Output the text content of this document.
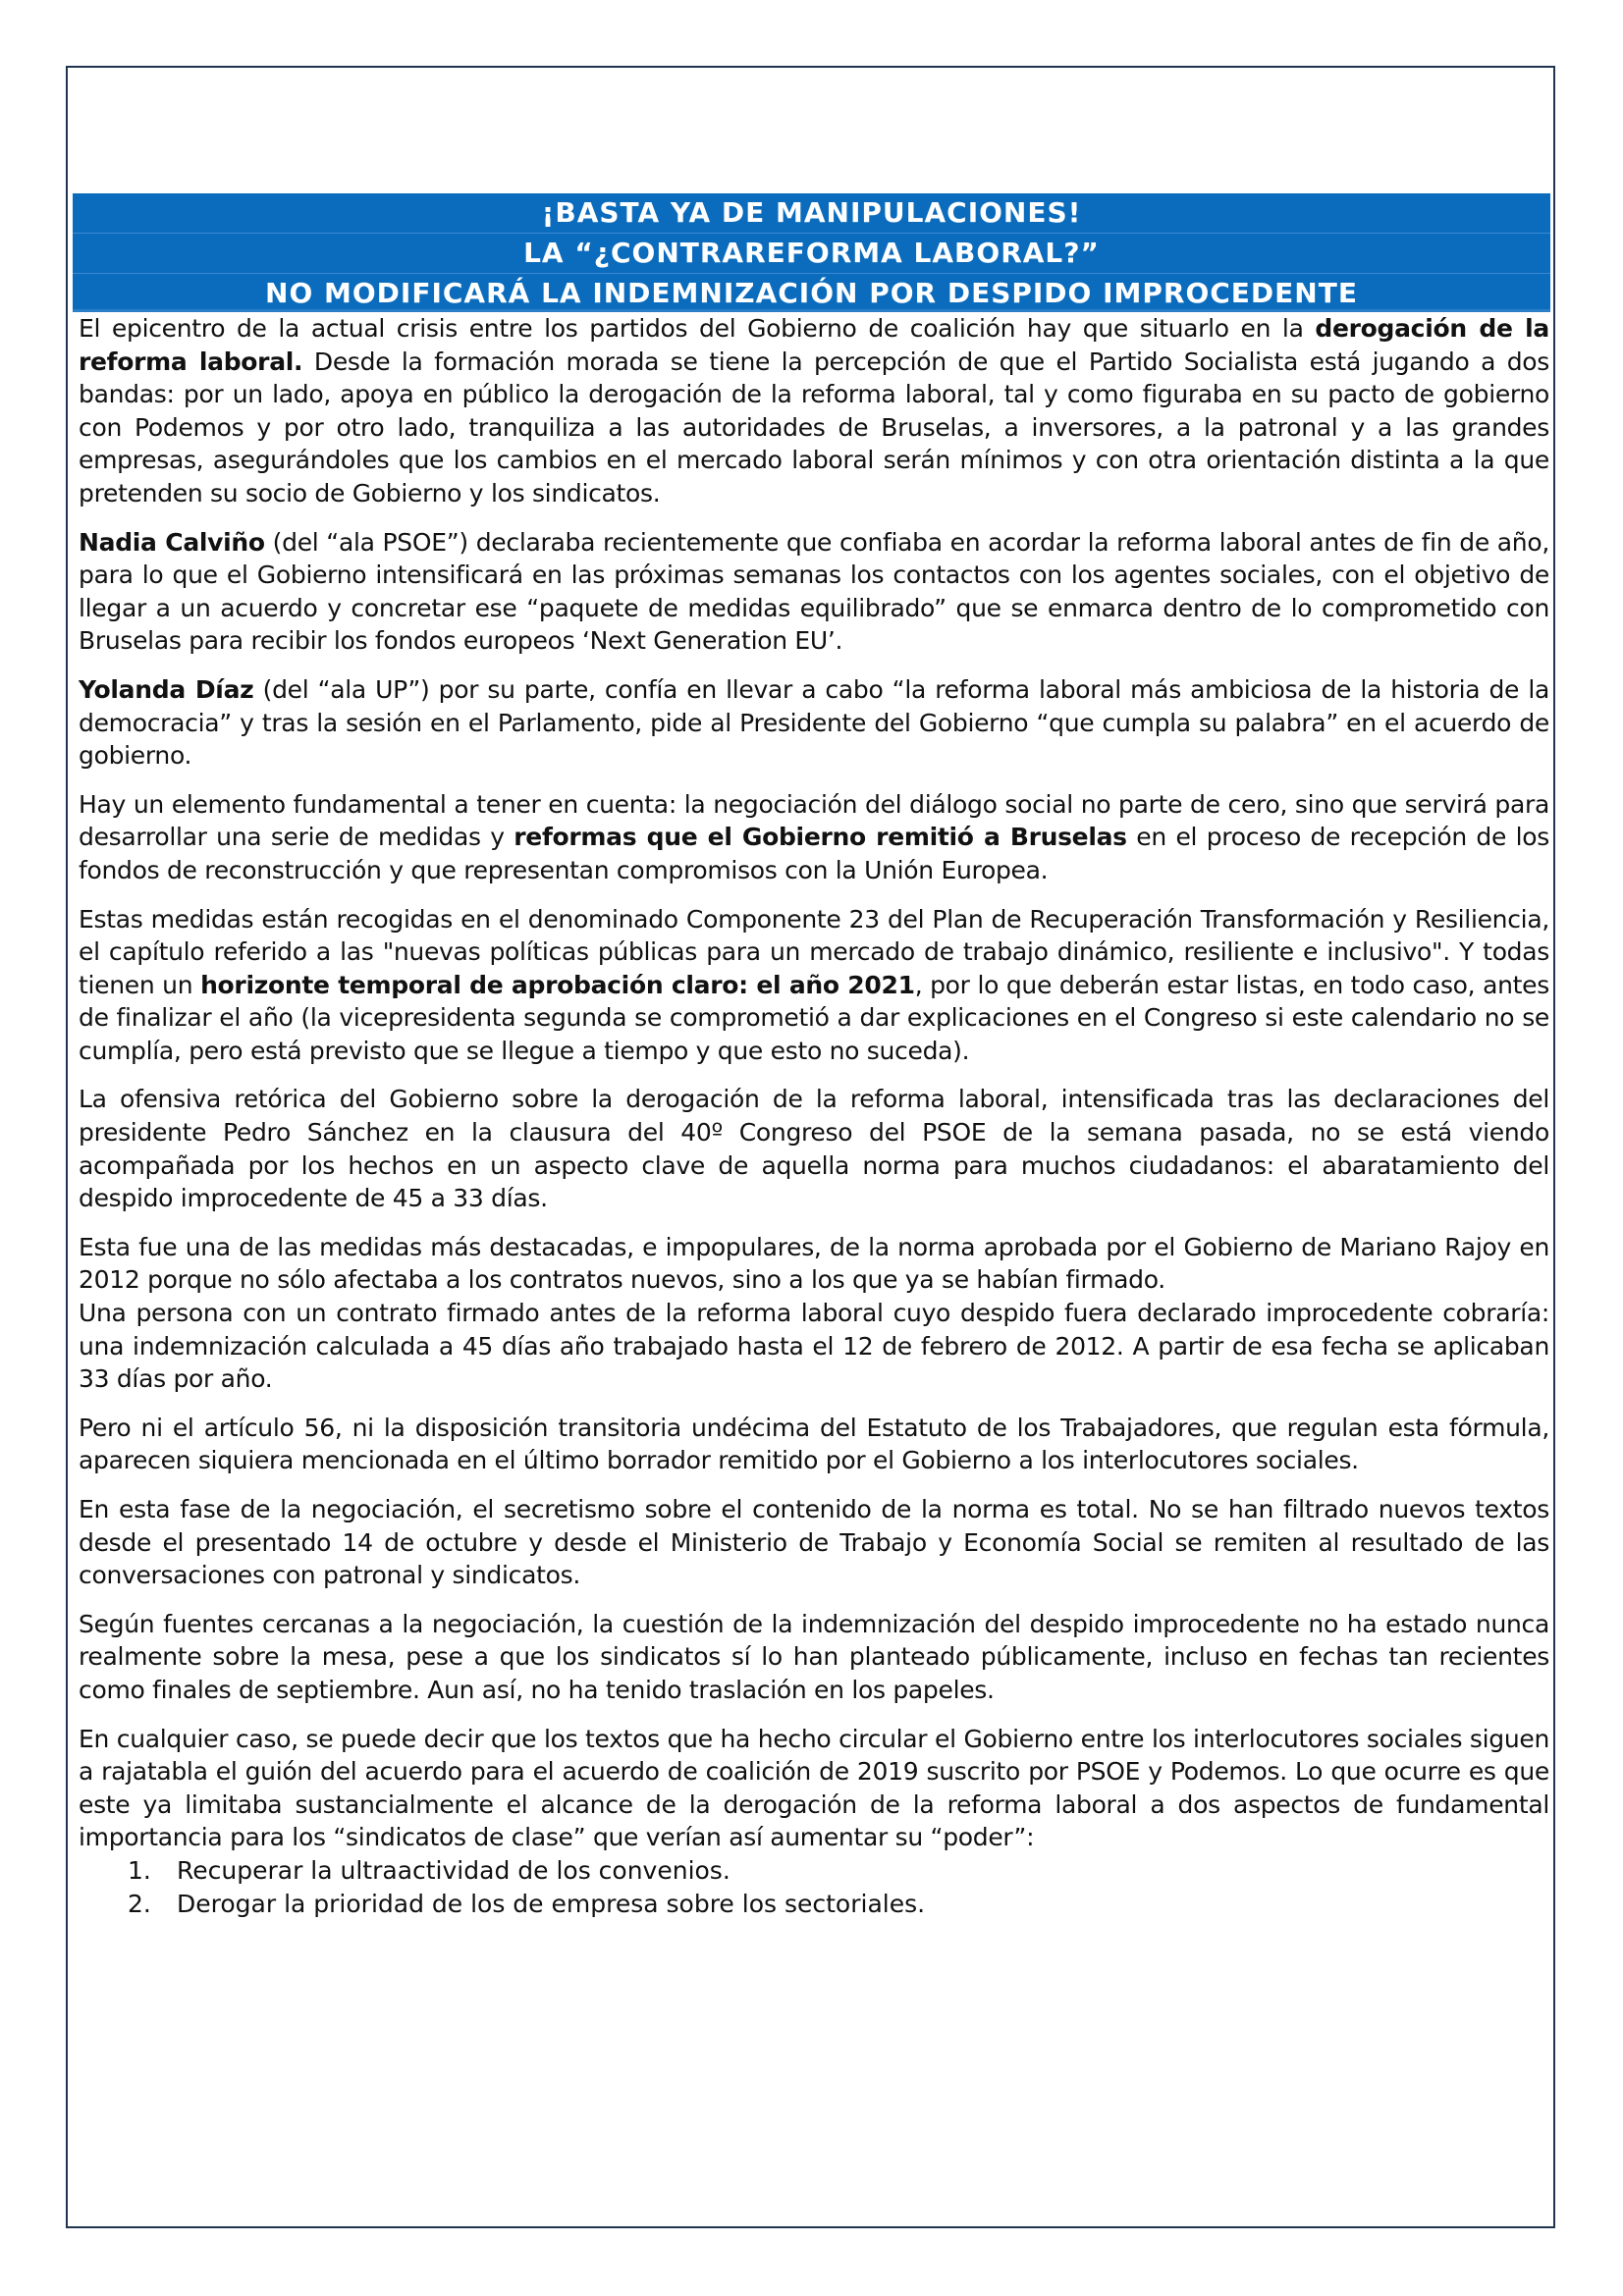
¡BASTA YA DE MANIPULACIONES!
LA “¿CONTRAREFORMA LABORAL?”
NO MODIFICARÁ LA INDEMNIZACIÓN POR DESPIDO IMPROCEDENTE

El epicentro de la actual crisis entre los partidos del Gobierno de coalición hay que situarlo en la derogación de la reforma laboral. Desde la formación morada se tiene la percepción de que el Partido Socialista está jugando a dos bandas: por un lado, apoya en público la derogación de la reforma laboral, tal y como figuraba en su pacto de gobierno con Podemos y por otro lado, tranquiliza a las autoridades de Bruselas, a inversores, a la patronal y a las grandes empresas, asegurándoles que los cambios en el mercado laboral serán mínimos y con otra orientación distinta a la que pretenden su socio de Gobierno y los sindicatos.

Nadia Calviño (del “ala PSOE”) declaraba recientemente que confiaba en acordar la reforma laboral antes de fin de año, para lo que el Gobierno intensificará en las próximas semanas los contactos con los agentes sociales, con el objetivo de llegar a un acuerdo y concretar ese “paquete de medidas equilibrado” que se enmarca dentro de lo comprometido con Bruselas para recibir los fondos europeos ‘Next Generation EU’.

Yolanda Díaz (del “ala UP”) por su parte, confía en llevar a cabo “la reforma laboral más ambiciosa de la historia de la democracia” y tras la sesión en el Parlamento, pide al Presidente del Gobierno “que cumpla su palabra” en el acuerdo de gobierno.

Hay un elemento fundamental a tener en cuenta: la negociación del diálogo social no parte de cero, sino que servirá para desarrollar una serie de medidas y reformas que el Gobierno remitió a Bruselas en el proceso de recepción de los fondos de reconstrucción y que representan compromisos con la Unión Europea.

Estas medidas están recogidas en el denominado Componente 23 del Plan de Recuperación Transformación y Resiliencia, el capítulo referido a las "nuevas políticas públicas para un mercado de trabajo dinámico, resiliente e inclusivo". Y todas tienen un horizonte temporal de aprobación claro: el año 2021, por lo que deberán estar listas, en todo caso, antes de finalizar el año (la vicepresidenta segunda se comprometió a dar explicaciones en el Congreso si este calendario no se cumplía, pero está previsto que se llegue a tiempo y que esto no suceda).

La ofensiva retórica del Gobierno sobre la derogación de la reforma laboral, intensificada tras las declaraciones del presidente Pedro Sánchez en la clausura del 40º Congreso del PSOE de la semana pasada, no se está viendo acompañada por los hechos en un aspecto clave de aquella norma para muchos ciudadanos: el abaratamiento del despido improcedente de 45 a 33 días.

Esta fue una de las medidas más destacadas, e impopulares, de la norma aprobada por el Gobierno de Mariano Rajoy en 2012 porque no sólo afectaba a los contratos nuevos, sino a los que ya se habían firmado.
Una persona con un contrato firmado antes de la reforma laboral cuyo despido fuera declarado improcedente cobraría: una indemnización calculada a 45 días año trabajado hasta el 12 de febrero de 2012. A partir de esa fecha se aplicaban 33 días por año.

Pero ni el artículo 56, ni la disposición transitoria undécima del Estatuto de los Trabajadores, que regulan esta fórmula, aparecen siquiera mencionada en el último borrador remitido por el Gobierno a los interlocutores sociales.

En esta fase de la negociación, el secretismo sobre el contenido de la norma es total. No se han filtrado nuevos textos desde el presentado 14 de octubre y desde el Ministerio de Trabajo y Economía Social se remiten al resultado de las conversaciones con patronal y sindicatos.

Según fuentes cercanas a la negociación, la cuestión de la indemnización del despido improcedente no ha estado nunca realmente sobre la mesa, pese a que los sindicatos sí lo han planteado públicamente, incluso en fechas tan recientes como finales de septiembre. Aun así, no ha tenido traslación en los papeles.

En cualquier caso, se puede decir que los textos que ha hecho circular el Gobierno entre los interlocutores sociales siguen a rajatabla el guión del acuerdo para el acuerdo de coalición de 2019 suscrito por PSOE y Podemos. Lo que ocurre es que este ya limitaba sustancialmente el alcance de la derogación de la reforma laboral a dos aspectos de fundamental importancia para los “sindicatos de clase” que verían así aumentar su “poder”:

1.	Recuperar la ultraactividad de los convenios.
2.	Derogar la prioridad de los de empresa sobre los sectoriales.
